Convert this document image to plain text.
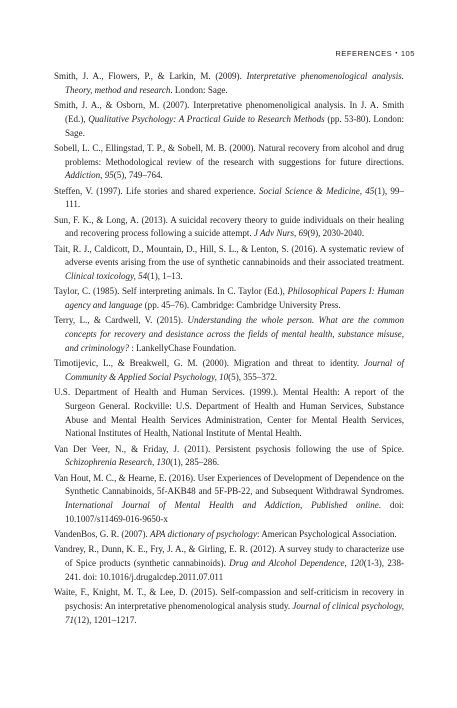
REFERENCES • 105
Smith, J. A., Flowers, P., & Larkin, M. (2009). Interpretative phenomenological analysis. Theory, method and research. London: Sage.
Smith, J. A., & Osborn, M. (2007). Interpretative phenomenoligical analysis. In J. A. Smith (Ed.), Qualitative Psychology: A Practical Guide to Research Methods (pp. 53-80). London: Sage.
Sobell, L. C., Ellingstad, T. P., & Sobell, M. B. (2000). Natural recovery from alcohol and drug problems: Methodological review of the research with suggestions for future directions. Addiction, 95(5), 749–764.
Steffen, V. (1997). Life stories and shared experience. Social Science & Medicine, 45(1), 99–111.
Sun, F. K., & Long, A. (2013). A suicidal recovery theory to guide individuals on their healing and recovering process following a suicide attempt. J Adv Nurs, 69(9), 2030-2040.
Tait, R. J., Caldicott, D., Mountain, D., Hill, S. L., & Lenton, S. (2016). A systematic review of adverse events arising from the use of synthetic cannabinoids and their associated treatment. Clinical toxicology, 54(1), 1–13.
Taylor, C. (1985). Self interpreting animals. In C. Taylor (Ed.), Philosophical Papers I: Human agency and language (pp. 45–76). Cambridge: Cambridge University Press.
Terry, L., & Cardwell, V. (2015). Understanding the whole person. What are the common concepts for recovery and desistance across the fields of mental health, substance misuse, and criminology? : LankellyChase Foundation.
Timotijevic, L., & Breakwell, G. M. (2000). Migration and threat to identity. Journal of Community & Applied Social Psychology, 10(5), 355–372.
U.S. Department of Health and Human Services. (1999.). Mental Health: A report of the Surgeon General. Rockville: U.S. Department of Health and Human Services, Substance Abuse and Mental Health Services Administration, Center for Mental Health Services, National Institutes of Health, National Institute of Mental Health.
Van Der Veer, N., & Friday, J. (2011). Persistent psychosis following the use of Spice. Schizophrenia Research, 130(1), 285–286.
Van Hout, M. C., & Hearne, E. (2016). User Experiences of Development of Dependence on the Synthetic Cannabinoids, 5f-AKB48 and 5F-PB-22, and Subsequent Withdrawal Syndromes. International Journal of Mental Health and Addiction, Published online. doi: 10.1007/s11469-016-9650-x
VandenBos, G. R. (2007). APA dictionary of psychology: American Psychological Association.
Vandrey, R., Dunn, K. E., Fry, J. A., & Girling, E. R. (2012). A survey study to characterize use of Spice products (synthetic cannabinoids). Drug and Alcohol Dependence, 120(1-3), 238-241. doi: 10.1016/j.drugalcdep.2011.07.011
Waite, F., Knight, M. T., & Lee, D. (2015). Self-compassion and self-criticism in recovery in psychosis: An interpretative phenomenological analysis study. Journal of clinical psychology, 71(12), 1201–1217.
